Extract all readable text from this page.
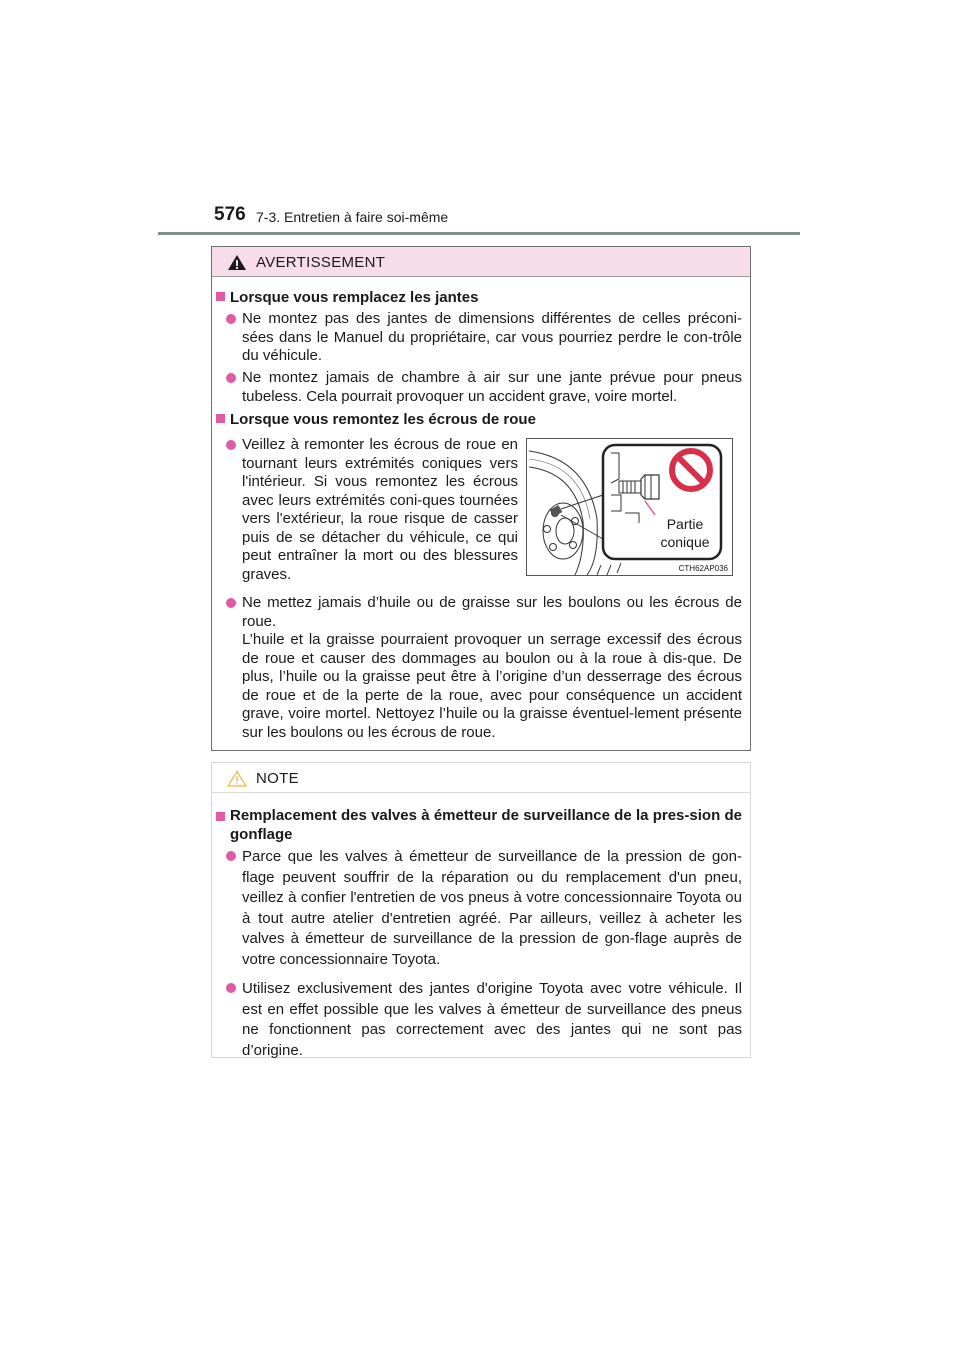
576 7-3. Entretien à faire soi-même
AVERTISSEMENT
Lorsque vous remplacez les jantes
Ne montez pas des jantes de dimensions différentes de celles préconi-sées dans le Manuel du propriétaire, car vous pourriez perdre le con-trôle du véhicule.
Ne montez jamais de chambre à air sur une jante prévue pour pneus tubeless. Cela pourrait provoquer un accident grave, voire mortel.
Lorsque vous remontez les écrous de roue
Veillez à remonter les écrous de roue en tournant leurs extrémités coniques vers l'intérieur. Si vous remontez les écrous avec leurs extrémités coni-ques tournées vers l'extérieur, la roue risque de casser puis de se détacher du véhicule, ce qui peut entraîner la mort ou des blessures graves.

Ne mettez jamais d’huile ou de graisse sur les boulons ou les écrous de roue.

L’huile et la graisse pourraient provoquer un serrage excessif des écrous de roue et causer des dommages au boulon ou à la roue à dis-que. De plus, l’huile ou la graisse peut être à l’origine d’un desserrage des écrous de roue et de la perte de la roue, avec pour conséquence un accident grave, voire mortel. Nettoyez l’huile ou la graisse éventuel-lement présente sur les boulons ou les écrous de roue.

Partie
conique
CTH62AP036
NOTE
Remplacement des valves à émetteur de surveillance de la pres-sion de gonflage
Parce que les valves à émetteur de surveillance de la pression de gon-flage peuvent souffrir de la réparation ou du remplacement d'un pneu, veillez à confier l'entretien de vos pneus à votre concessionnaire Toyota ou à tout autre atelier d'entretien agréé. Par ailleurs, veillez à acheter les valves à émetteur de surveillance de la pression de gon-flage auprès de votre concessionnaire Toyota.
Utilisez exclusivement des jantes d'origine Toyota avec votre véhicule. Il est en effet possible que les valves à émetteur de surveillance des pneus ne fonctionnent pas correctement avec des jantes qui ne sont pas d’origine.
